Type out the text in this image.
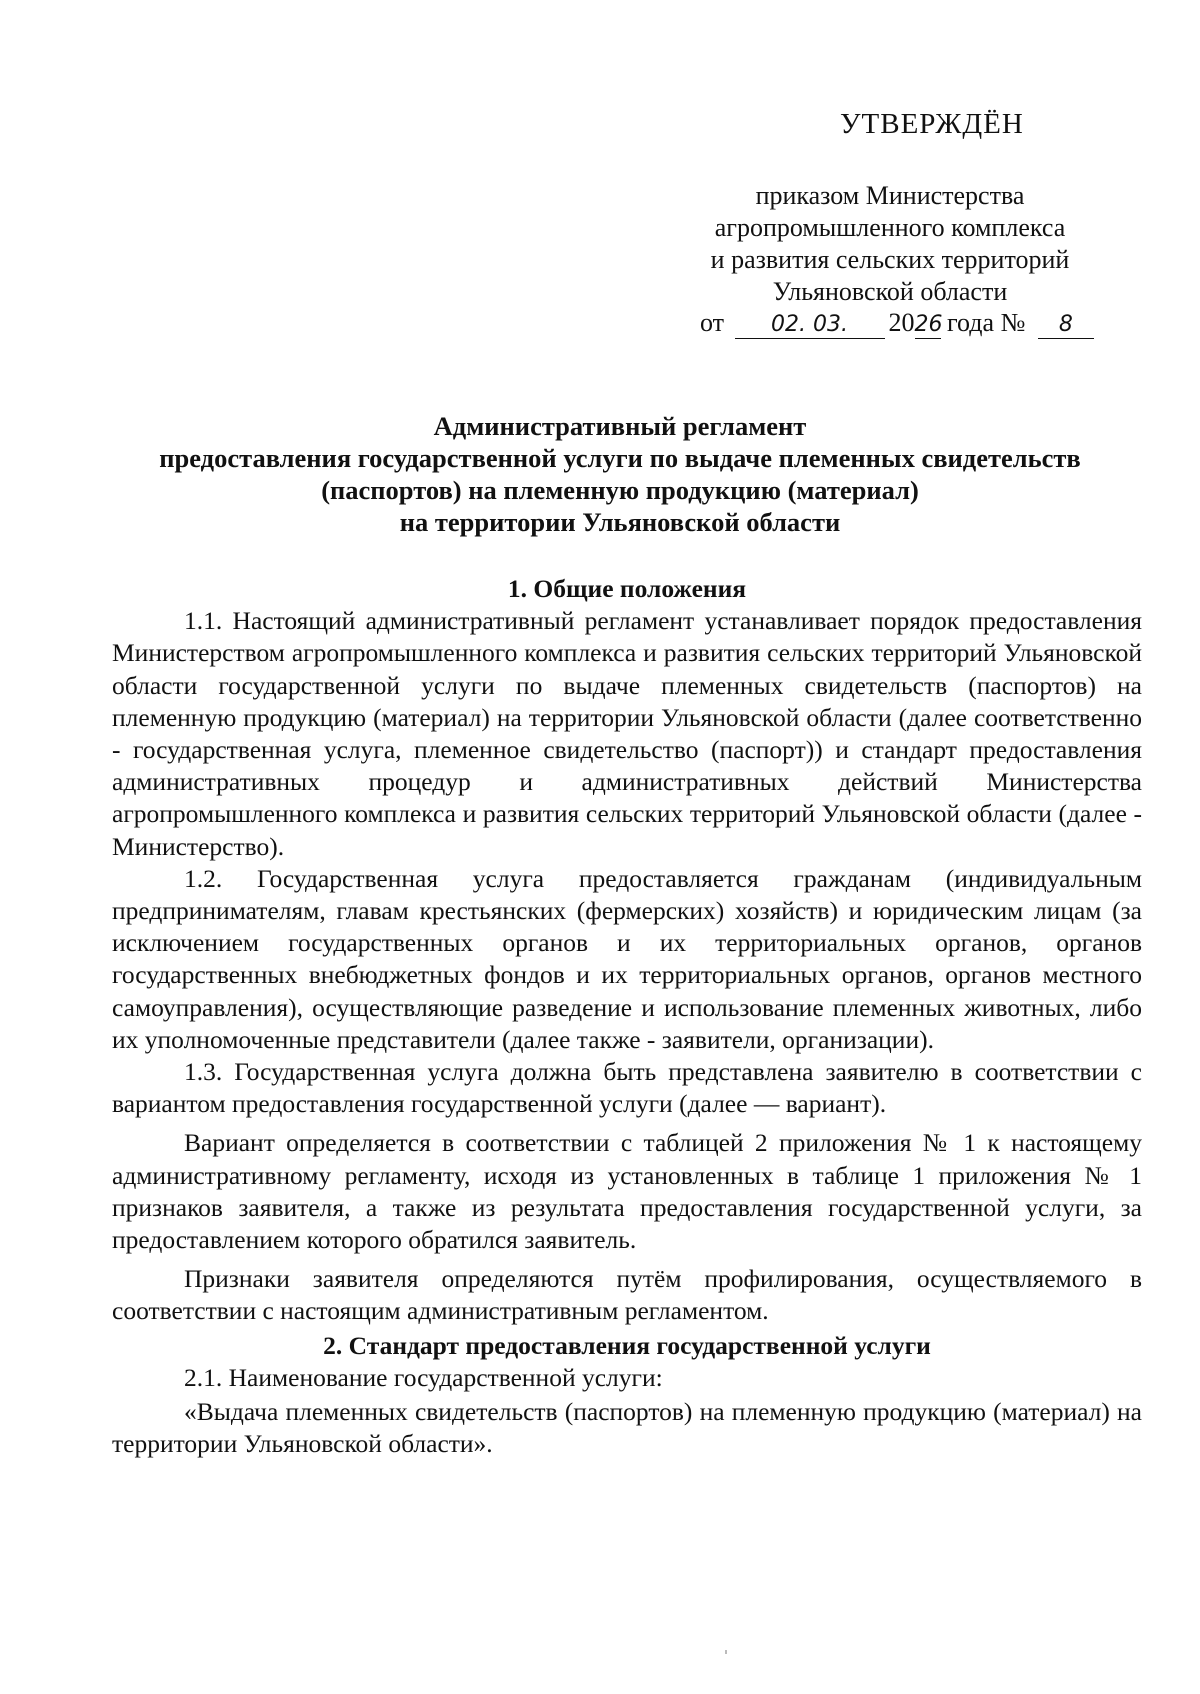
УТВЕРЖДЁН
приказом Министерства
агропромышленного комплекса
и развития сельских территорий
Ульяновской области
от 02. 03. 2026 года № 8
Административный регламент
предоставления государственной услуги по выдаче племенных свидетельств
(паспортов) на племенную продукцию (материал)
на территории Ульяновской области
1. Общие положения

1.1. Настоящий административный регламент устанавливает порядок предоставления Министерством агропромышленного комплекса и развития сельских территорий Ульяновской области государственной услуги по выдаче племенных свидетельств (паспортов) на племенную продукцию (материал) на территории Ульяновской области (далее соответственно - государственная услуга, племенное свидетельство (паспорт)) и стандарт предоставления административных процедур и административных действий Министерства агропромышленного комплекса и развития сельских территорий Ульяновской области (далее - Министерство).

1.2. Государственная услуга предоставляется гражданам (индивидуальным предпринимателям, главам крестьянских (фермерских) хозяйств) и юридическим лицам (за исключением государственных органов и их территориальных органов, органов государственных внебюджетных фондов и их территориальных органов, органов местного самоуправления), осуществляющие разведение и использование племенных животных, либо их уполномоченные представители (далее также - заявители, организации).

1.3. Государственная услуга должна быть представлена заявителю в соответствии с вариантом предоставления государственной услуги (далее — вариант).

Вариант определяется в соответствии с таблицей 2 приложения № 1 к настоящему административному регламенту, исходя из установленных в таблице 1 приложения № 1 признаков заявителя, а также из результата предоставления государственной услуги, за предоставлением которого обратился заявитель.

Признаки заявителя определяются путём профилирования, осуществляемого в соответствии с настоящим административным регламентом.

2. Стандарт предоставления государственной услуги

2.1. Наименование государственной услуги:

«Выдача племенных свидетельств (паспортов) на племенную продукцию (материал) на территории Ульяновской области».
